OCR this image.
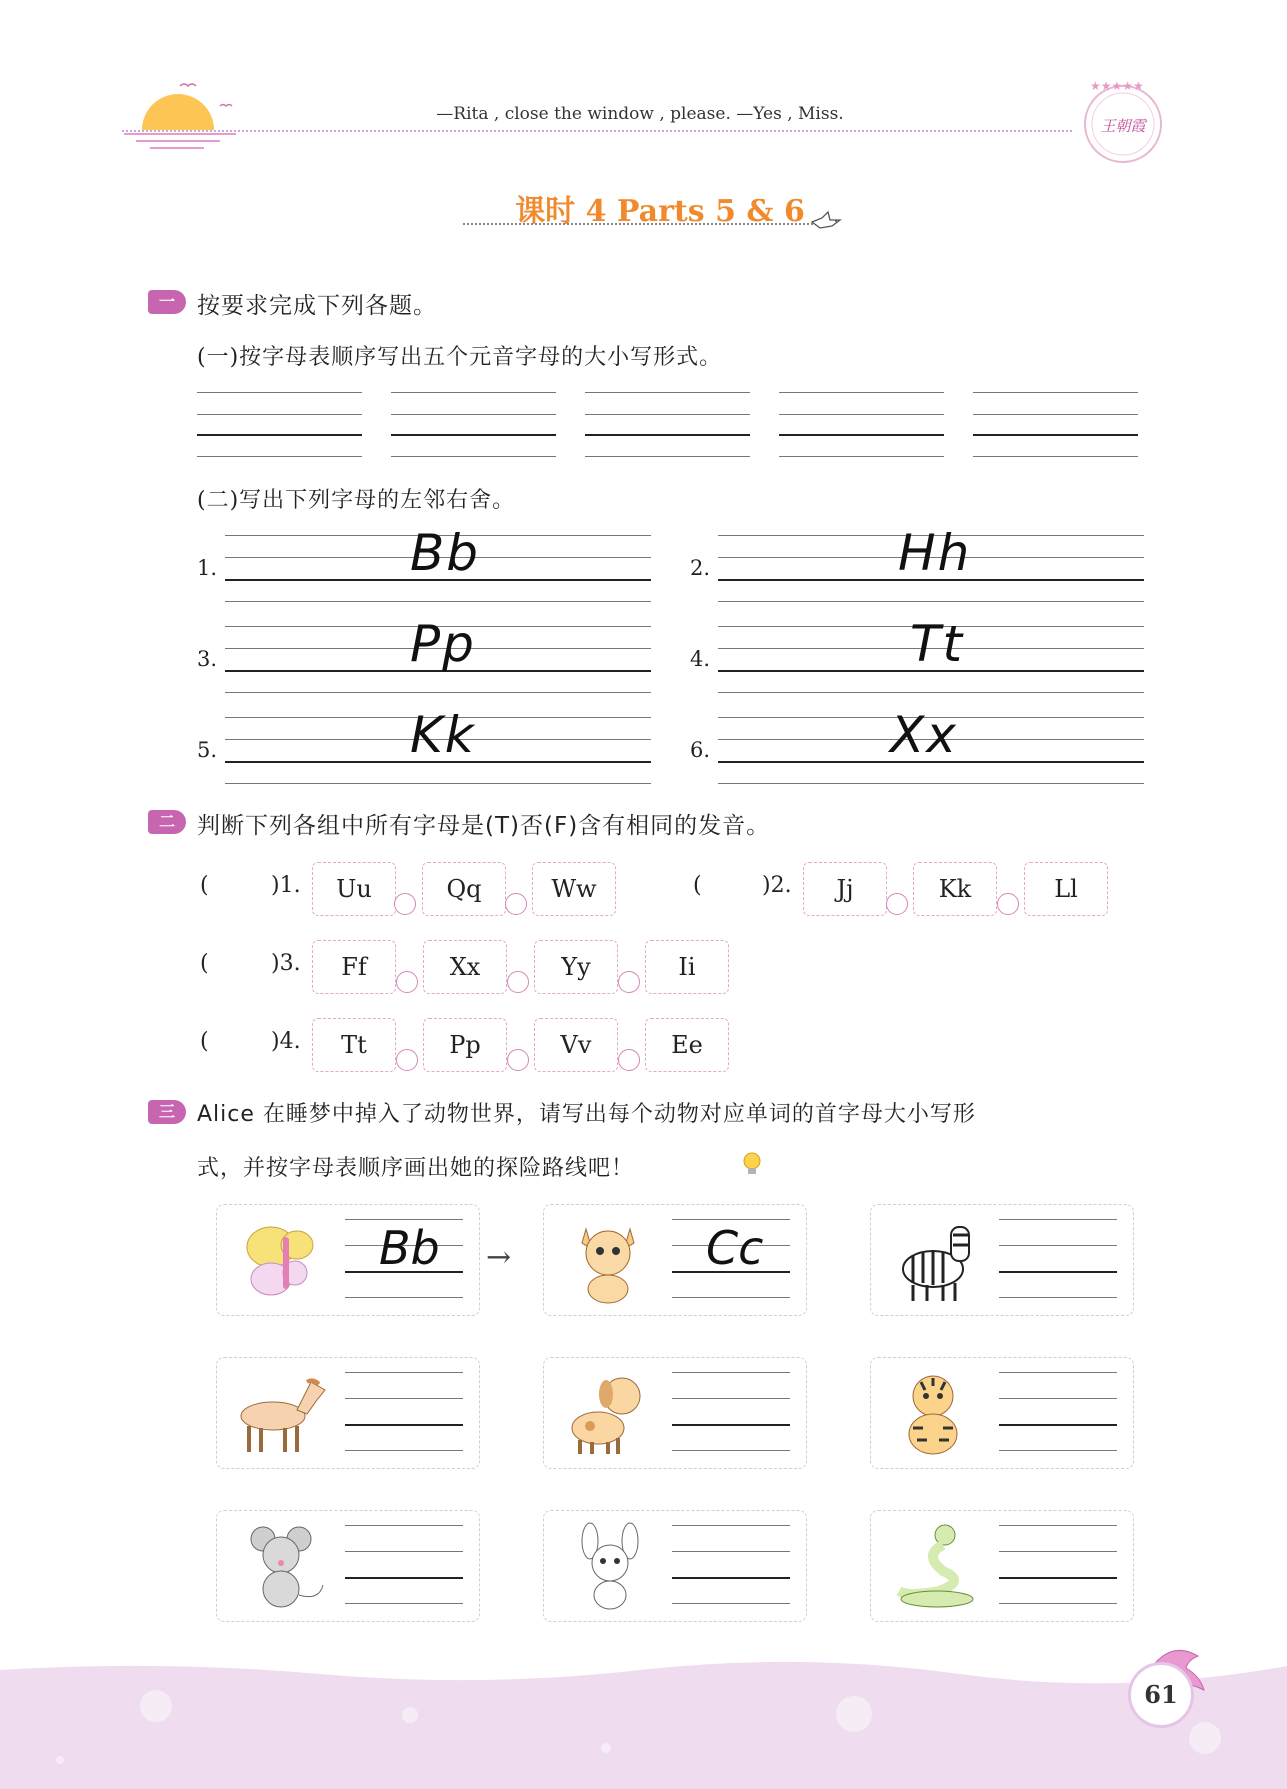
—Rita , close the window , please. —Yes , Miss.
★★★★★
王朝霞
课时 4 Parts 5 & 6
一 按要求完成下列各题。
(一)按字母表顺序写出五个元音字母的大小写形式。
(二)写出下列字母的左邻右舍。
1.	Bb	2.	Hh
3.	Pp	4.	Tt
5.	Kk	6.	Xx
二 判断下列各组中所有字母是(T)否(F)含有相同的发音。
(	)1.	Uu	Qq	Ww	(	)2.	Jj	Kk	Ll
(	)3.	Ff	Xx	Yy	Ii
(	)4.	Tt	Pp	Vv	Ee
三	Alice 在睡梦中掉入了动物世界，请写出每个动物对应单词的首字母大小写形
式，并按字母表顺序画出她的探险路线吧！
Bb →	Cc
61
